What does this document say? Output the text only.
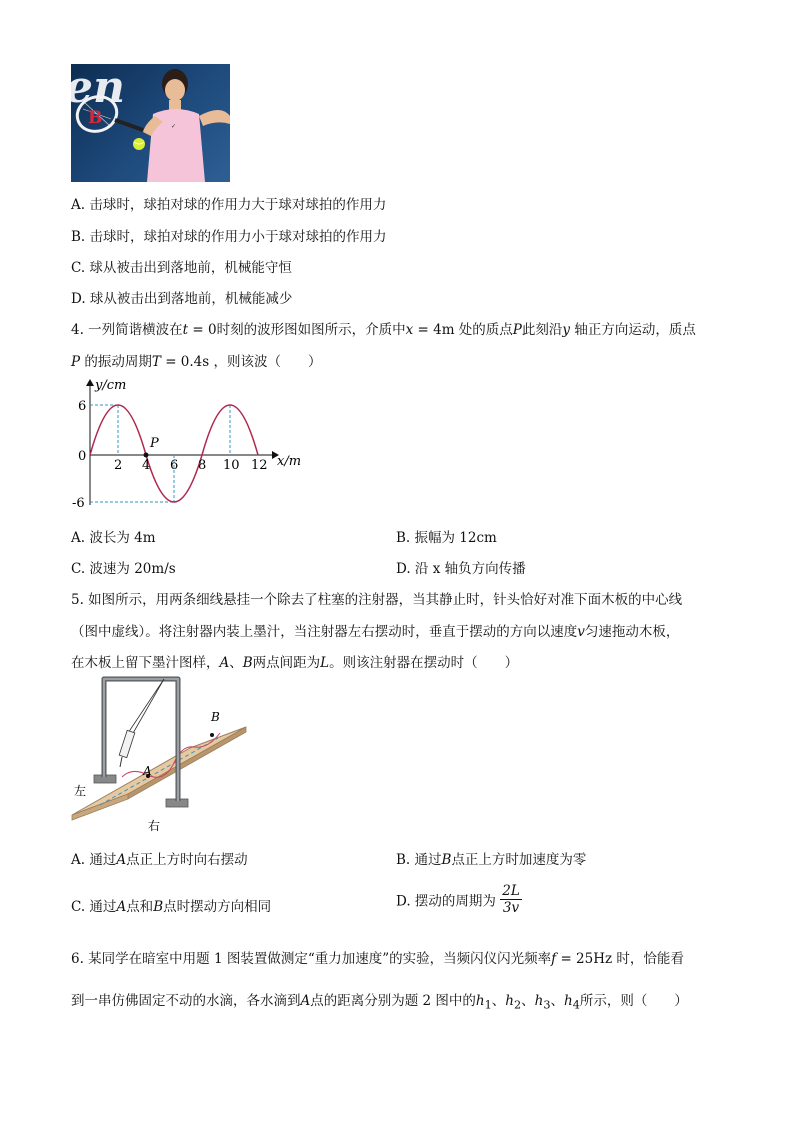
en
B	✓
A. 击球时，球拍对球的作用力大于球对球拍的作用力
B. 击球时，球拍对球的作用力小于球对球拍的作用力
C. 球从被击出到落地前，机械能守恒
D. 球从被击出到落地前，机械能减少
4. 一列简谐横波在t = 0时刻的波形图如图所示，介质中x = 4m 处的质点P此刻沿y 轴正方向运动，质点
P 的振动周期T = 0.4s ，则该波（　　）
P
y/cm
x/m
6
0
-6
2 4 6 8 10 12
A. 波长为 4m	B. 振幅为 12cm
C. 波速为 20m/s	D. 沿 x 轴负方向传播
5. 如图所示，用两条细线悬挂一个除去了柱塞的注射器，当其静止时，针头恰好对准下面木板的中心线
（图中虚线）。将注射器内装上墨汁，当注射器左右摆动时，垂直于摆动的方向以速度v匀速拖动木板，
在木板上留下墨汁图样，A、B两点间距为L。则该注射器在摆动时（　　）
A
B
左
右
A. 通过A点正上方时向右摆动	B. 通过B点正上方时加速度为零
C. 通过A点和B点时摆动方向相同	D. 摆动的周期为 $\frac{2L}{3v}$
6. 某同学在暗室中用题 1 图装置做测定“重力加速度”的实验，当频闪仪闪光频率f = 25Hz 时，恰能看
到一串仿佛固定不动的水滴，各水滴到A点的距离分别为题 2 图中的$h_1$、$h_2$、$h_3$、$h_4$所示，则（　　）
